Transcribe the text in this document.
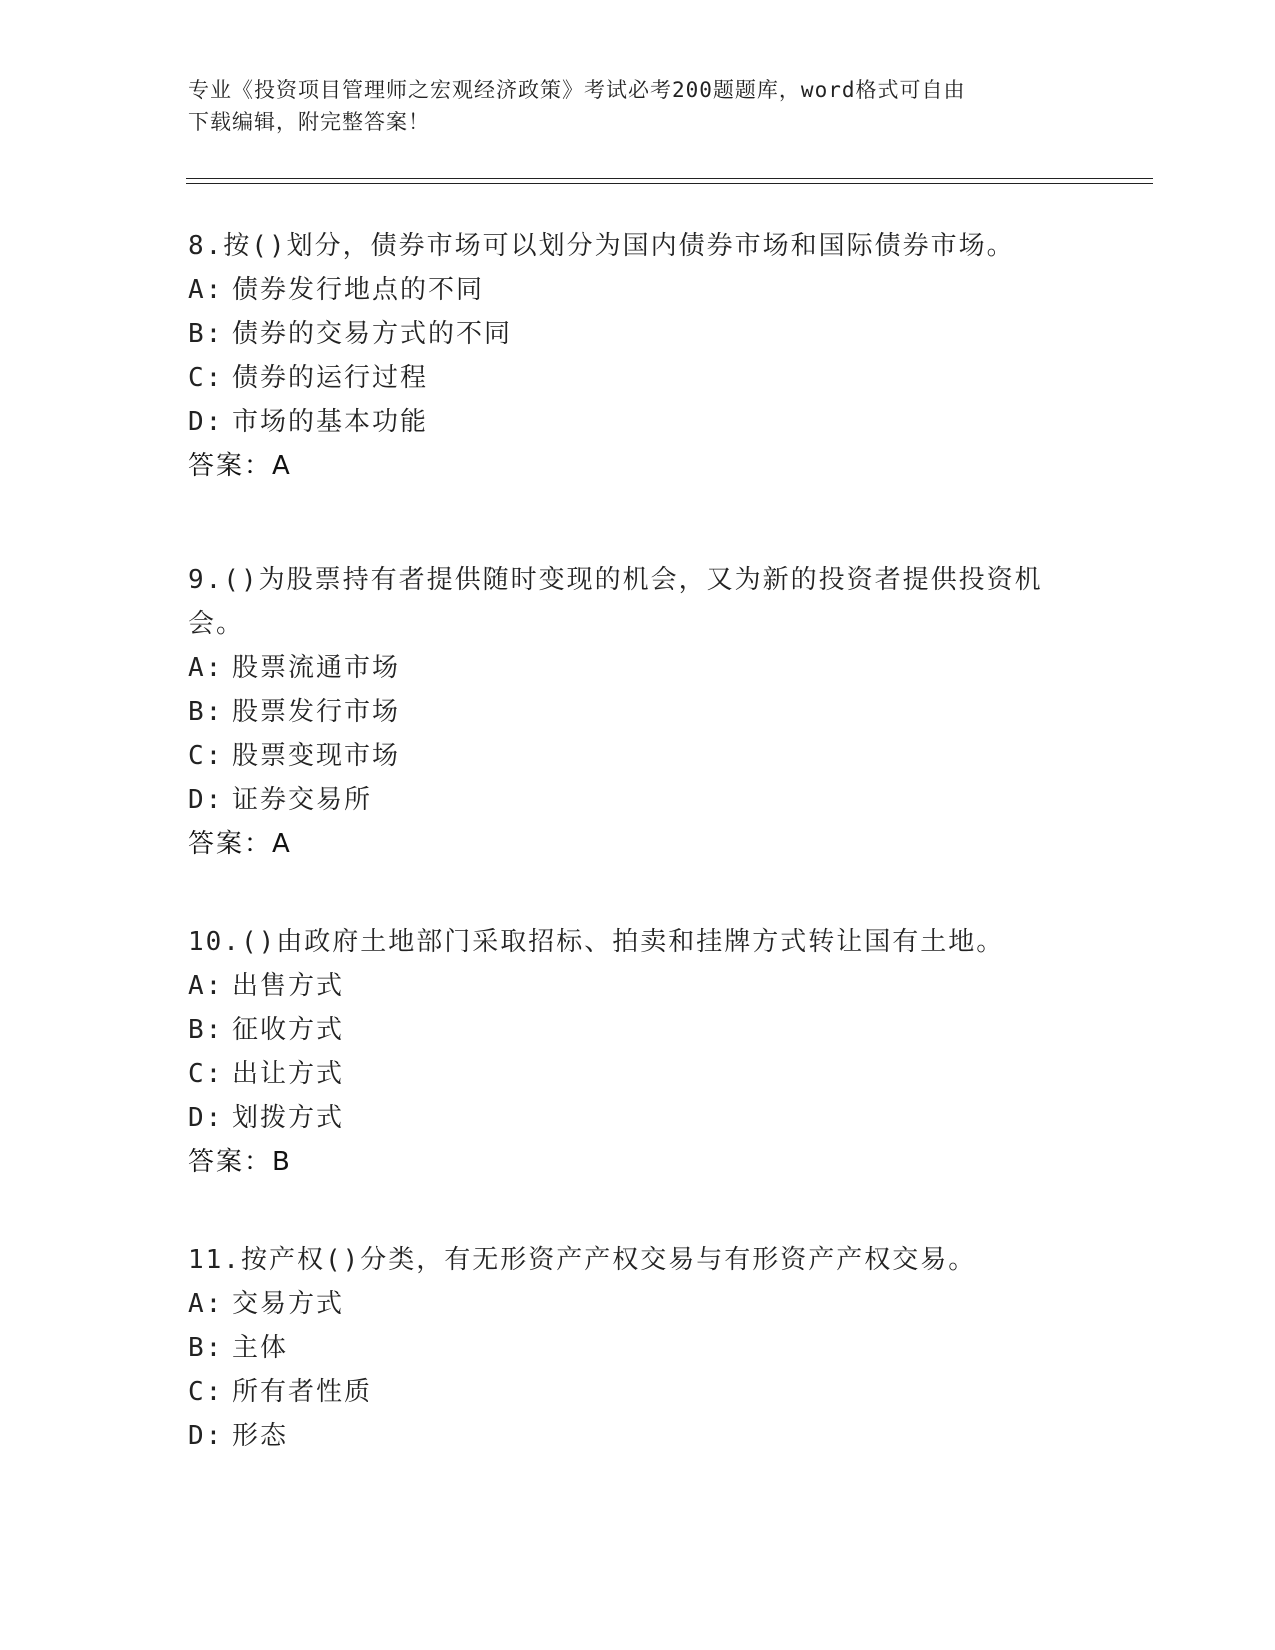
专业《投资项目管理师之宏观经济政策》考试必考200题题库，word格式可自由
下载编辑，附完整答案！

8.按()划分，债券市场可以划分为国内债券市场和国际债券市场。

A: 债券发行地点的不同

B: 债券的交易方式的不同

C: 债券的运行过程

D: 市场的基本功能

答案：A

9.()为股票持有者提供随时变现的机会，又为新的投资者提供投资机会。

A: 股票流通市场

B: 股票发行市场

C: 股票变现市场

D: 证券交易所

答案：A

10.()由政府土地部门采取招标、拍卖和挂牌方式转让国有土地。

A: 出售方式

B: 征收方式

C: 出让方式

D: 划拨方式

答案：B

11.按产权()分类，有无形资产产权交易与有形资产产权交易。

A: 交易方式

B: 主体

C: 所有者性质

D: 形态
